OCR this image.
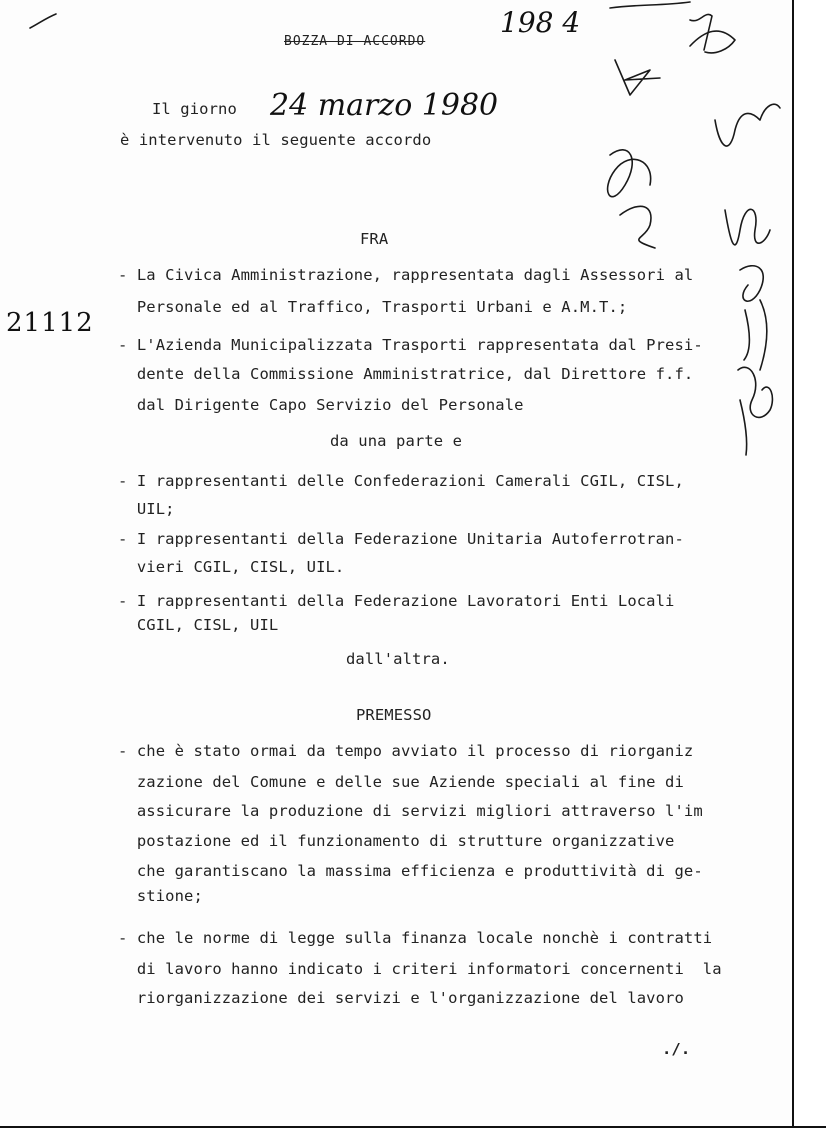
BOZZA DI ACCORDO
198 4
21112
Il giorno 24 marzo 1980
è intervenuto il seguente accordo
FRA
- La Civica Amministrazione, rappresentata dagli Assessori al
Personale ed al Traffico, Trasporti Urbani e A.M.T.;
- L'Azienda Municipalizzata Trasporti rappresentata dal Presi-
dente della Commissione Amministratrice, dal Direttore f.f.
dal Dirigente Capo Servizio del Personale
da una parte e
- I rappresentanti delle Confederazioni Camerali CGIL, CISL,
UIL;
- I rappresentanti della Federazione Unitaria Autoferrotran-
vieri CGIL, CISL, UIL.
- I rappresentanti della Federazione Lavoratori Enti Locali
CGIL, CISL, UIL
dall'altra.
PREMESSO
- che è stato ormai da tempo avviato il processo di riorganiz
zazione del Comune e delle sue Aziende speciali al fine di
assicurare la produzione di servizi migliori attraverso l'im
postazione ed il funzionamento di strutture organizzative
che garantiscano la massima efficienza e produttività di ge-
stione;
- che le norme di legge sulla finanza locale nonchè i contratti
di lavoro hanno indicato i criteri informatori concernenti  la
riorganizzazione dei servizi e l'organizzazione del lavoro
./.
